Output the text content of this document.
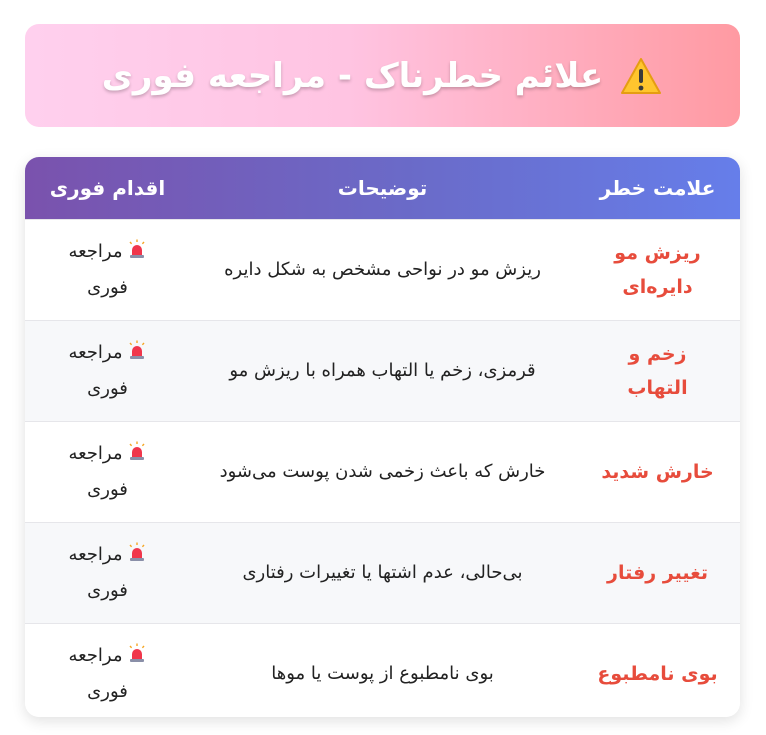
علائم خطرناک - مراجعه فوری
علامت خطر
توضیحات
اقدام فوری
ریزش مو دایره‌ای
ریزش مو در نواحی مشخص به شکل دایره
مراجعه فوری
زخم و التهاب
قرمزی، زخم یا التهاب همراه با ریزش مو
مراجعه فوری
خارش شدید
خارش که باعث زخمی شدن پوست می‌شود
مراجعه فوری
تغییر رفتار
بی‌حالی، عدم اشتها یا تغییرات رفتاری
مراجعه فوری
بوی نامطبوع
بوی نامطبوع از پوست یا موها
مراجعه فوری
